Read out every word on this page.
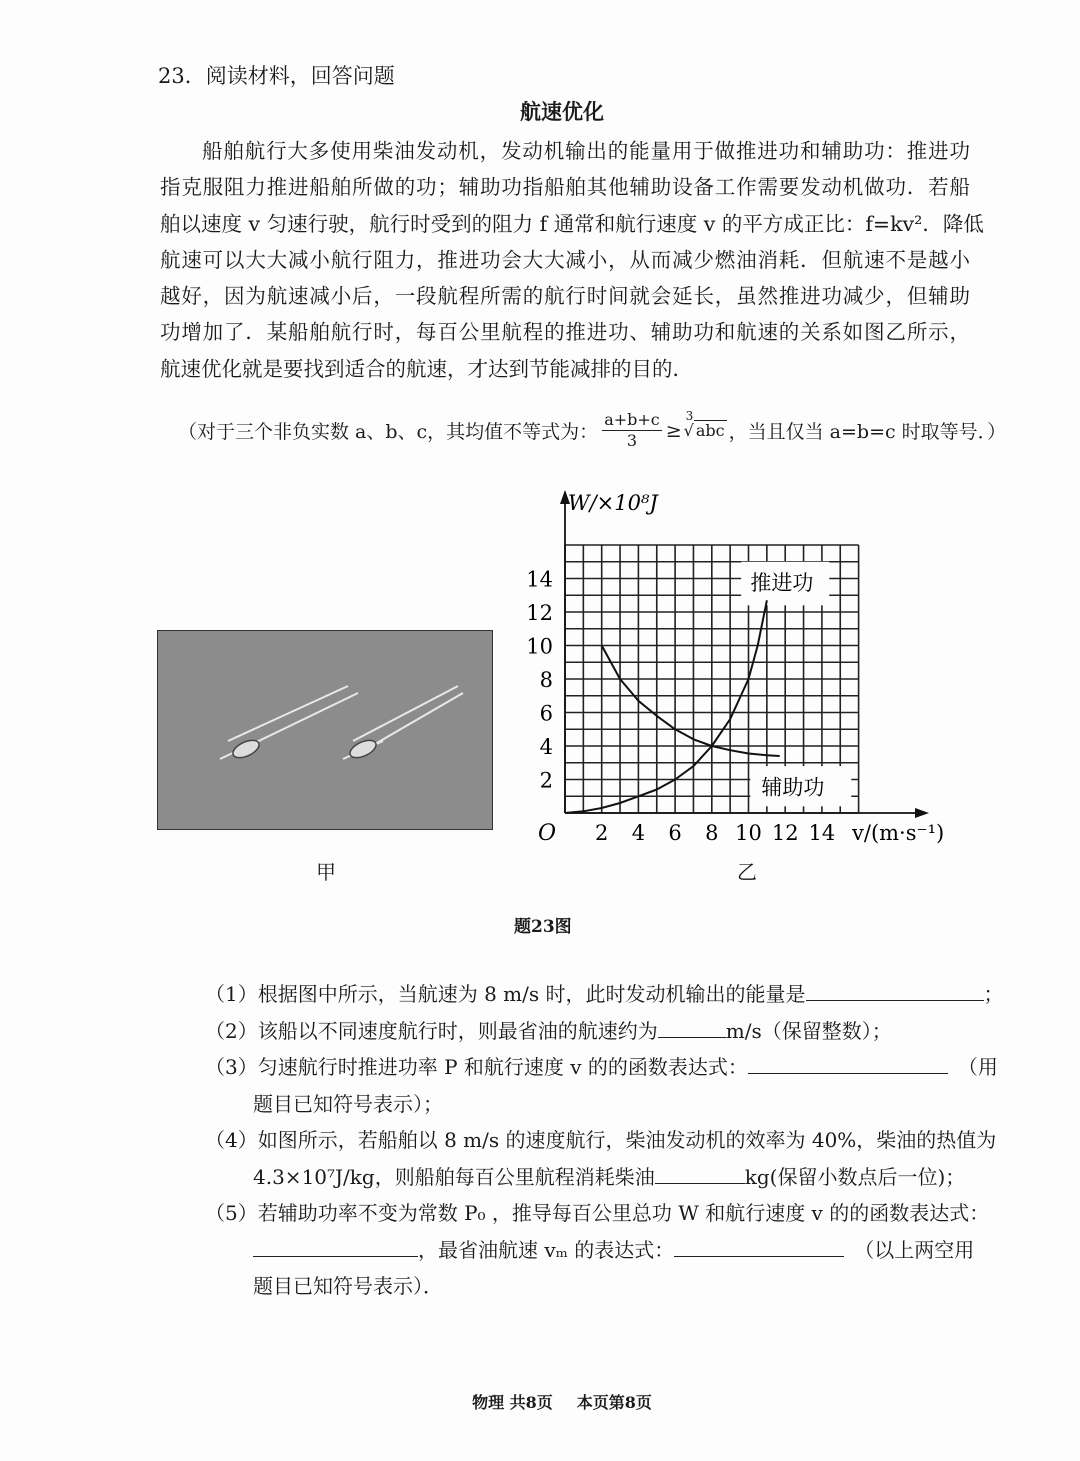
23．阅读材料，回答问题
航速优化
船舶航行大多使用柴油发动机，发动机输出的能量用于做推进功和辅助功：推进功
指克服阻力推进船舶所做的功；辅助功指船舶其他辅助设备工作需要发动机做功．若船
舶以速度 v 匀速行驶，航行时受到的阻力 f 通常和航行速度 v 的平方成正比：f=kv²．降低
航速可以大大减小航行阻力，推进功会大大减小，从而减少燃油消耗．但航速不是越小
越好，因为航速减小后，一段航程所需的航行时间就会延长，虽然推进功减少，但辅助
功增加了．某船舶航行时，每百公里航程的推进功、辅助功和航速的关系如图乙所示，
航速优化就是要找到适合的航速，才达到节能减排的目的．
（对于三个非负实数 a、b、c，其均值不等式为： $\frac{a+b+c}{3}$ ≥
3
√ abc ，当且仅当 a=b=c 时取等号．）
甲
推进功
辅助功
2 4 6 8 10 12 14
2
4
6
8
10
12
14
W/×10⁸J
v/(m·s⁻¹)
O
乙
题23图
（1）根据图中所示，当航速为 8 m/s 时，此时发动机输出的能量是	；
（2）该船以不同速度航行时，则最省油的航速约为	m/s（保留整数）；
（3）匀速航行时推进功率 P 和航行速度 v 的的函数表达式：	（用
题目已知符号表示）；
（4）如图所示，若船舶以 8 m/s 的速度航行，柴油发动机的效率为 40%，柴油的热值为
4.3×10⁷J/kg，则船舶每百公里航程消耗柴油	kg(保留小数点后一位)；
（5）若辅助功率不变为常数 P₀ ，推导每百公里总功 W 和航行速度 v 的的函数表达式：
，最省油航速 vₘ 的表达式：	（以上两空用
题目已知符号表示）．
物理 共8页 本页第8页
